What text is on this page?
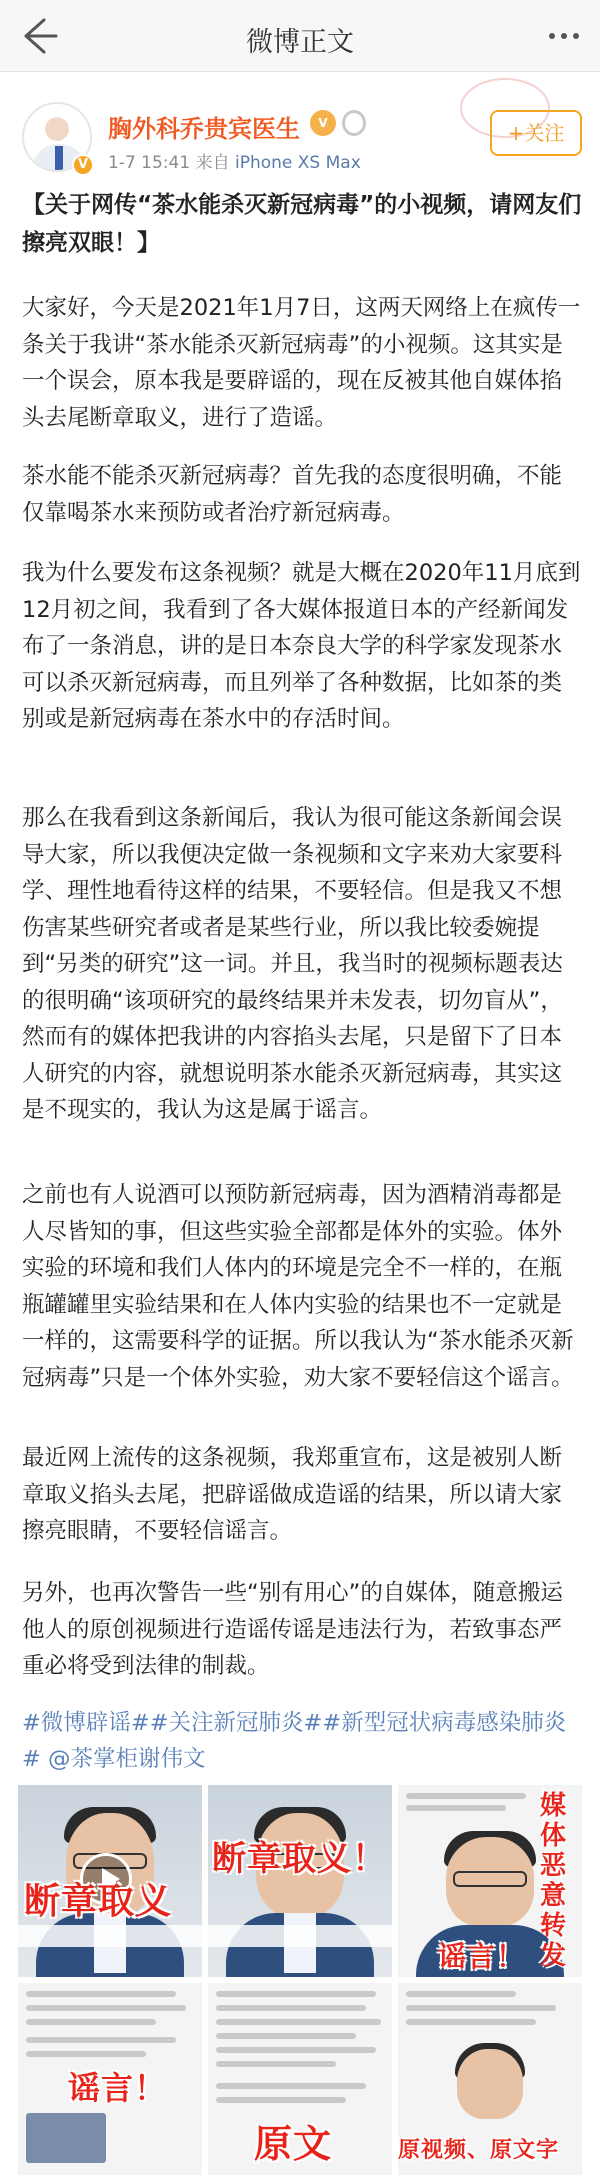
微博正文
V
胸外科乔贵宾医生	V
1-7 15:41 来自 iPhone XS Max
+关注
【关于网传“茶水能杀灭新冠病毒”的小视频，请网友们擦亮双眼！】
大家好，今天是2021年1月7日，这两天网络上在疯传一条关于我讲“茶水能杀灭新冠病毒”的小视频。这其实是一个误会，原本我是要辟谣的，现在反被其他自媒体掐头去尾断章取义，进行了造谣。
茶水能不能杀灭新冠病毒？首先我的态度很明确，不能仅靠喝茶水来预防或者治疗新冠病毒。
我为什么要发布这条视频？就是大概在2020年11月底到12月初之间，我看到了各大媒体报道日本的产经新闻发布了一条消息，讲的是日本奈良大学的科学家发现茶水可以杀灭新冠病毒，而且列举了各种数据，比如茶的类别或是新冠病毒在茶水中的存活时间。
那么在我看到这条新闻后，我认为很可能这条新闻会误导大家，所以我便决定做一条视频和文字来劝大家要科学、理性地看待这样的结果，不要轻信。但是我又不想伤害某些研究者或者是某些行业，所以我比较委婉提到“另类的研究”这一词。并且，我当时的视频标题表达的很明确“该项研究的最终结果并未发表，切勿盲从”，然而有的媒体把我讲的内容掐头去尾，只是留下了日本人研究的内容，就想说明茶水能杀灭新冠病毒，其实这是不现实的，我认为这是属于谣言。
之前也有人说酒可以预防新冠病毒，因为酒精消毒都是人尽皆知的事，但这些实验全部都是体外的实验。体外实验的环境和我们人体内的环境是完全不一样的，在瓶瓶罐罐里实验结果和在人体内实验的结果也不一定就是一样的，这需要科学的证据。所以我认为“茶水能杀灭新冠病毒”只是一个体外实验，劝大家不要轻信这个谣言。
最近网上流传的这条视频，我郑重宣布，这是被别人断章取义掐头去尾，把辟谣做成造谣的结果，所以请大家擦亮眼睛，不要轻信谣言。
另外，也再次警告一些“别有用心”的自媒体，随意搬运他人的原创视频进行造谣传谣是违法行为，若致事态严重必将受到法律的制裁。
#微博辟谣##关注新冠肺炎##新型冠状病毒感染肺炎# @茶掌柜谢伟文
断章取义
断章取义！
媒体恶意转发
谣言！
谣言！
原文	原视频、原文字
